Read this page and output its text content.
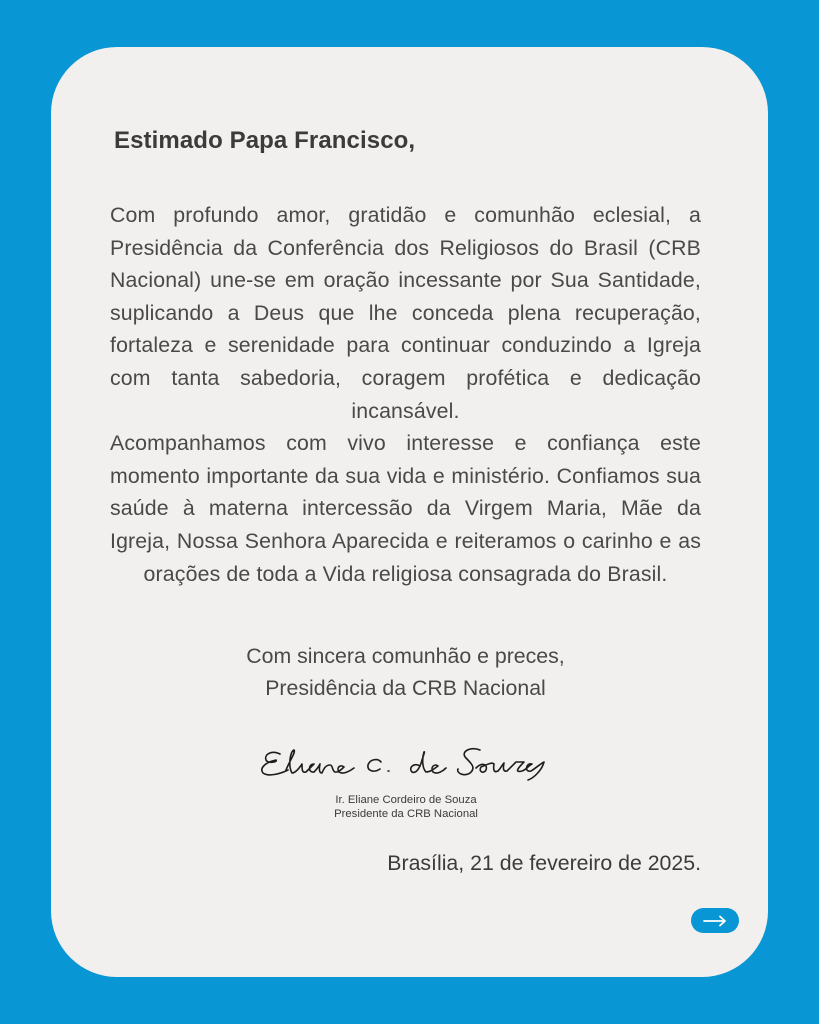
Estimado Papa Francisco,

Com profundo amor, gratidão e comunhão eclesial, a Presidência da Conferência dos Religiosos do Brasil (CRB Nacional) une-se em oração incessante por Sua Santidade, suplicando a Deus que lhe conceda plena recuperação, fortaleza e serenidade para continuar conduzindo a Igreja com tanta sabedoria, coragem profética e dedicação incansável.

Acompanhamos com vivo interesse e confiança este momento importante da sua vida e ministério. Confiamos sua saúde à materna intercessão da Virgem Maria, Mãe da Igreja, Nossa Senhora Aparecida e reiteramos o carinho e as orações de toda a Vida religiosa consagrada do Brasil.

Com sincera comunhão e preces,
Presidência da CRB Nacional
Ir. Eliane Cordeiro de Souza
Presidente da CRB Nacional
Brasília, 21 de fevereiro de 2025.
